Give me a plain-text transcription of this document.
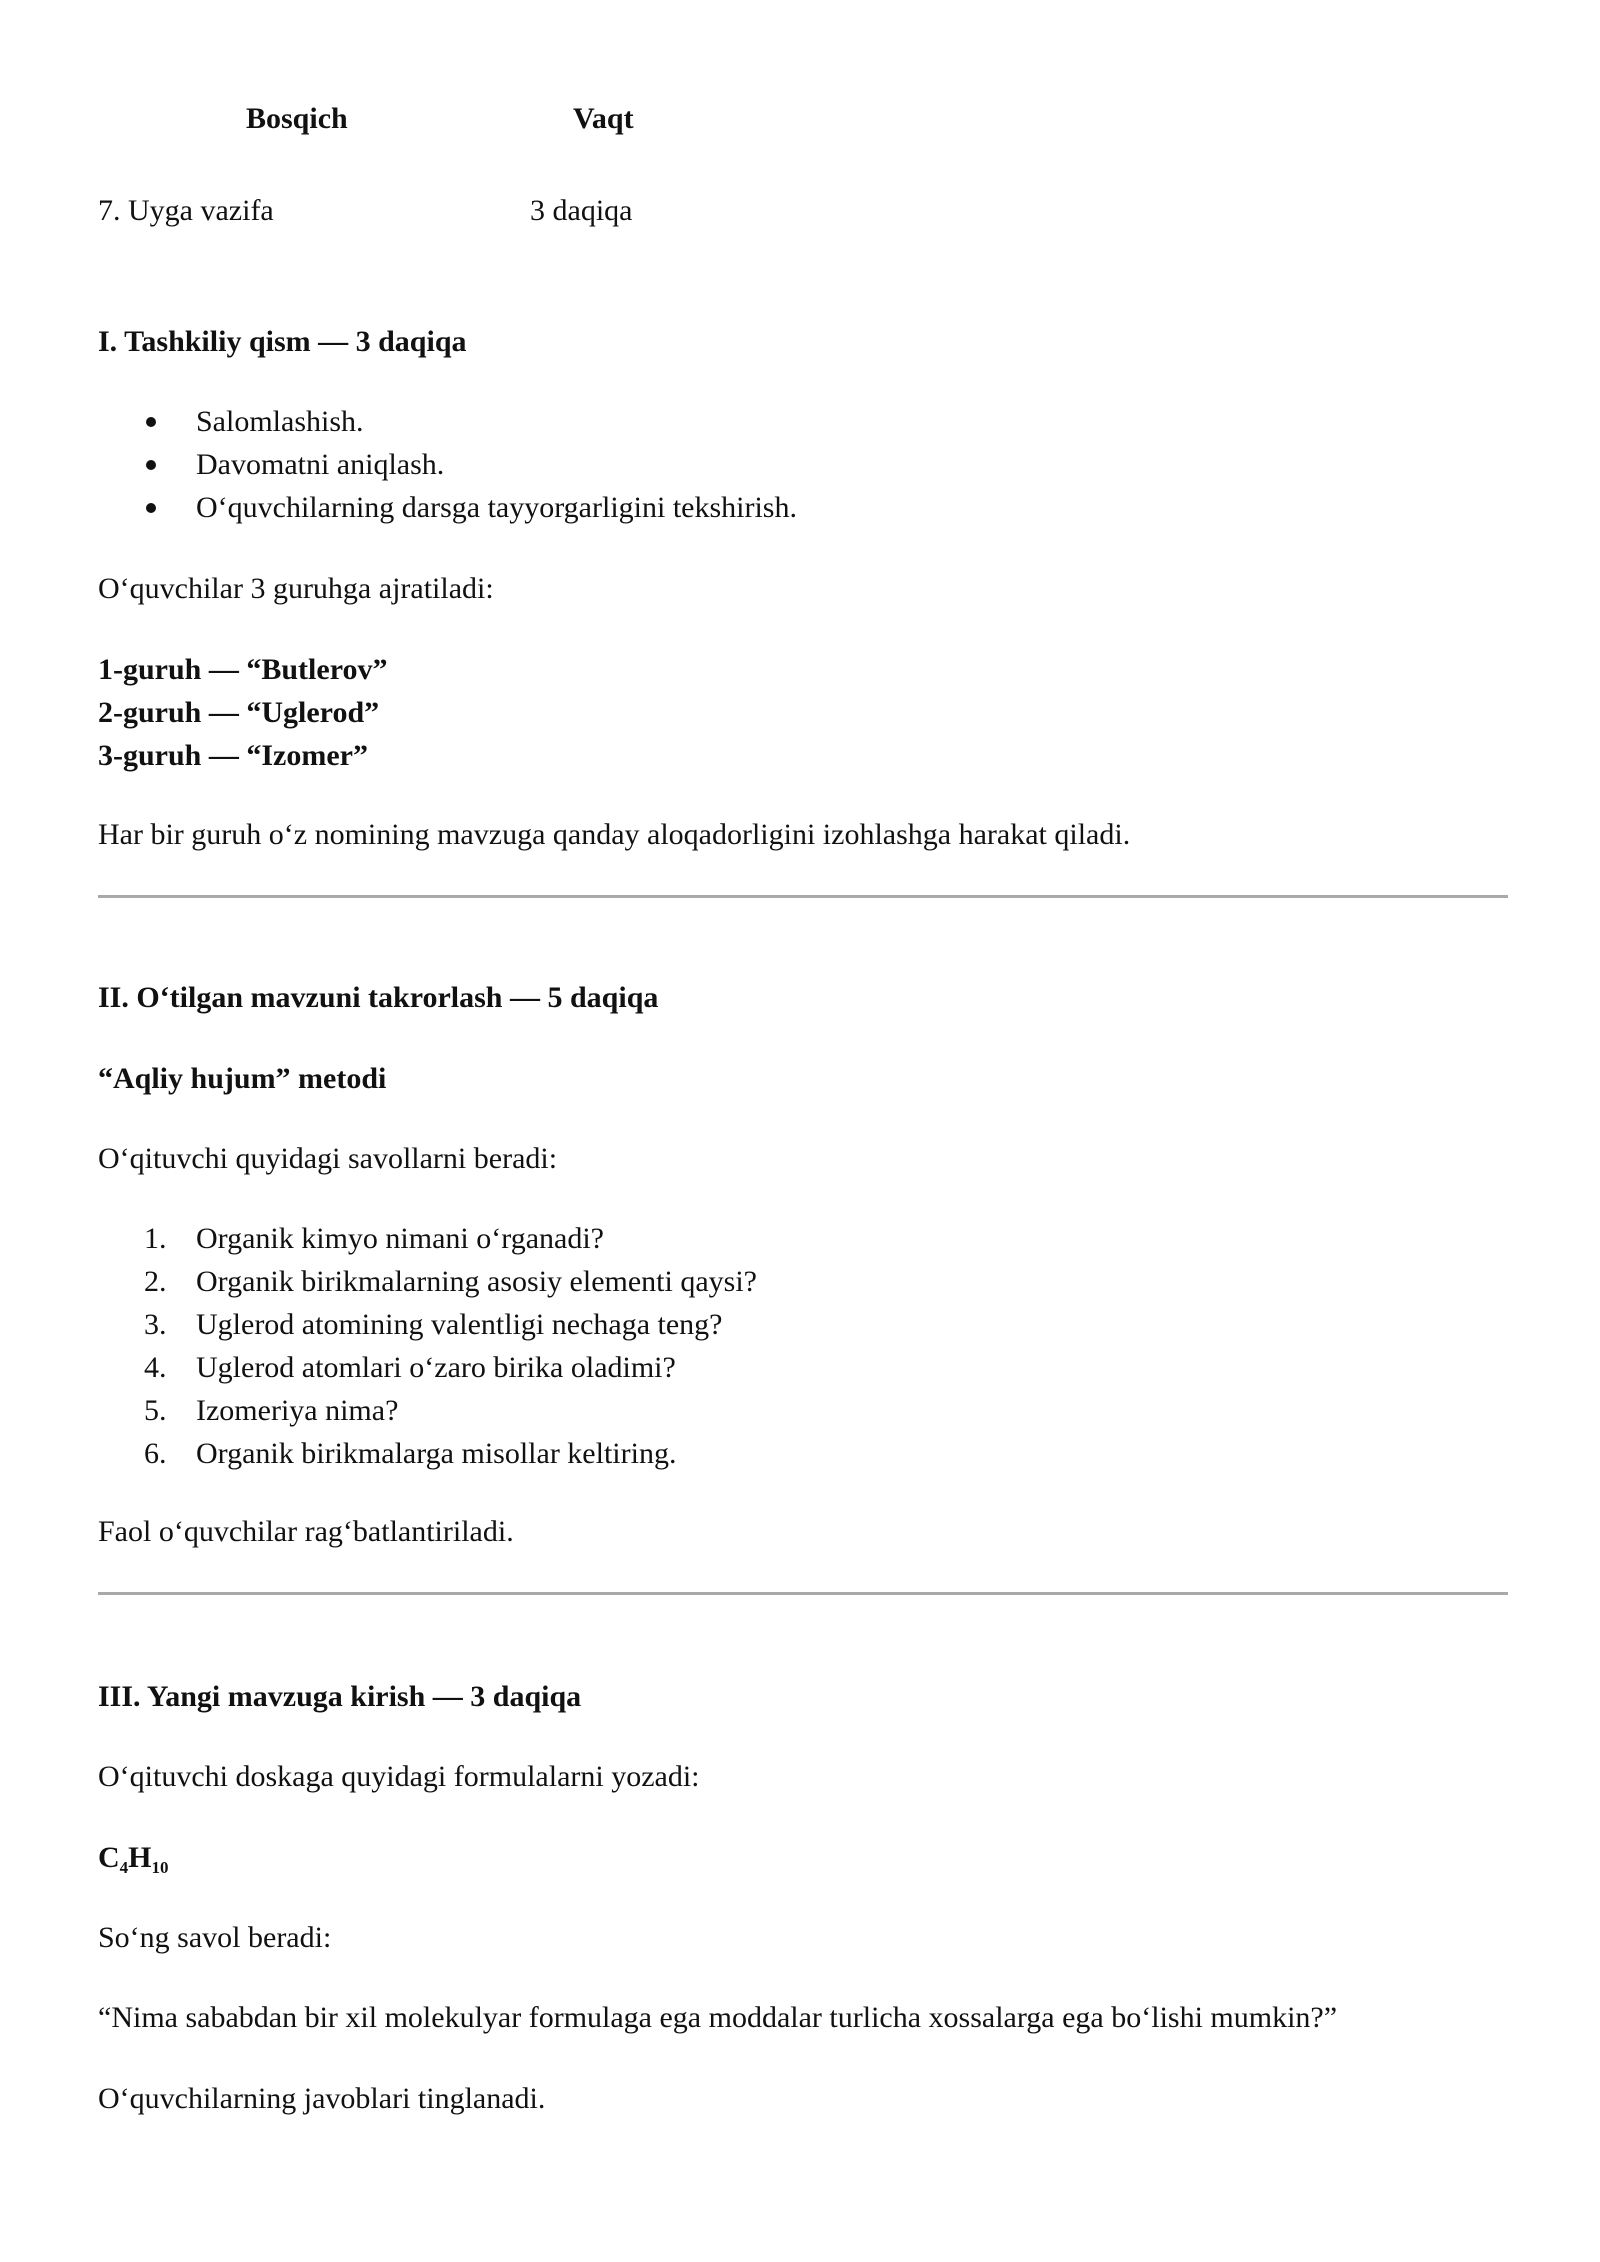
Bosqich	Vaqt
7. Uyga vazifa	3 daqiqa
I. Tashkiliy qism — 3 daqiqa
Salomlashish.
Davomatni aniqlash.
O‘quvchilarning darsga tayyorgarligini tekshirish.
O‘quvchilar 3 guruhga ajratiladi:
1-guruh — “Butlerov”
2-guruh — “Uglerod”
3-guruh — “Izomer”
Har bir guruh o‘z nomining mavzuga qanday aloqadorligini izohlashga harakat qiladi.
II. O‘tilgan mavzuni takrorlash — 5 daqiqa
“Aqliy hujum” metodi
O‘qituvchi quyidagi savollarni beradi:
1. Organik kimyo nimani o‘rganadi?
2. Organik birikmalarning asosiy elementi qaysi?
3. Uglerod atomining valentligi nechaga teng?
4. Uglerod atomlari o‘zaro birika oladimi?
5. Izomeriya nima?
6. Organik birikmalarga misollar keltiring.
Faol o‘quvchilar rag‘batlantiriladi.
III. Yangi mavzuga kirish — 3 daqiqa
O‘qituvchi doskaga quyidagi formulalarni yozadi:
$C_4H_{10}$
So‘ng savol beradi:
“Nima sababdan bir xil molekulyar formulaga ega moddalar turlicha xossalarga ega bo‘lishi mumkin?”
O‘quvchilarning javoblari tinglanadi.
